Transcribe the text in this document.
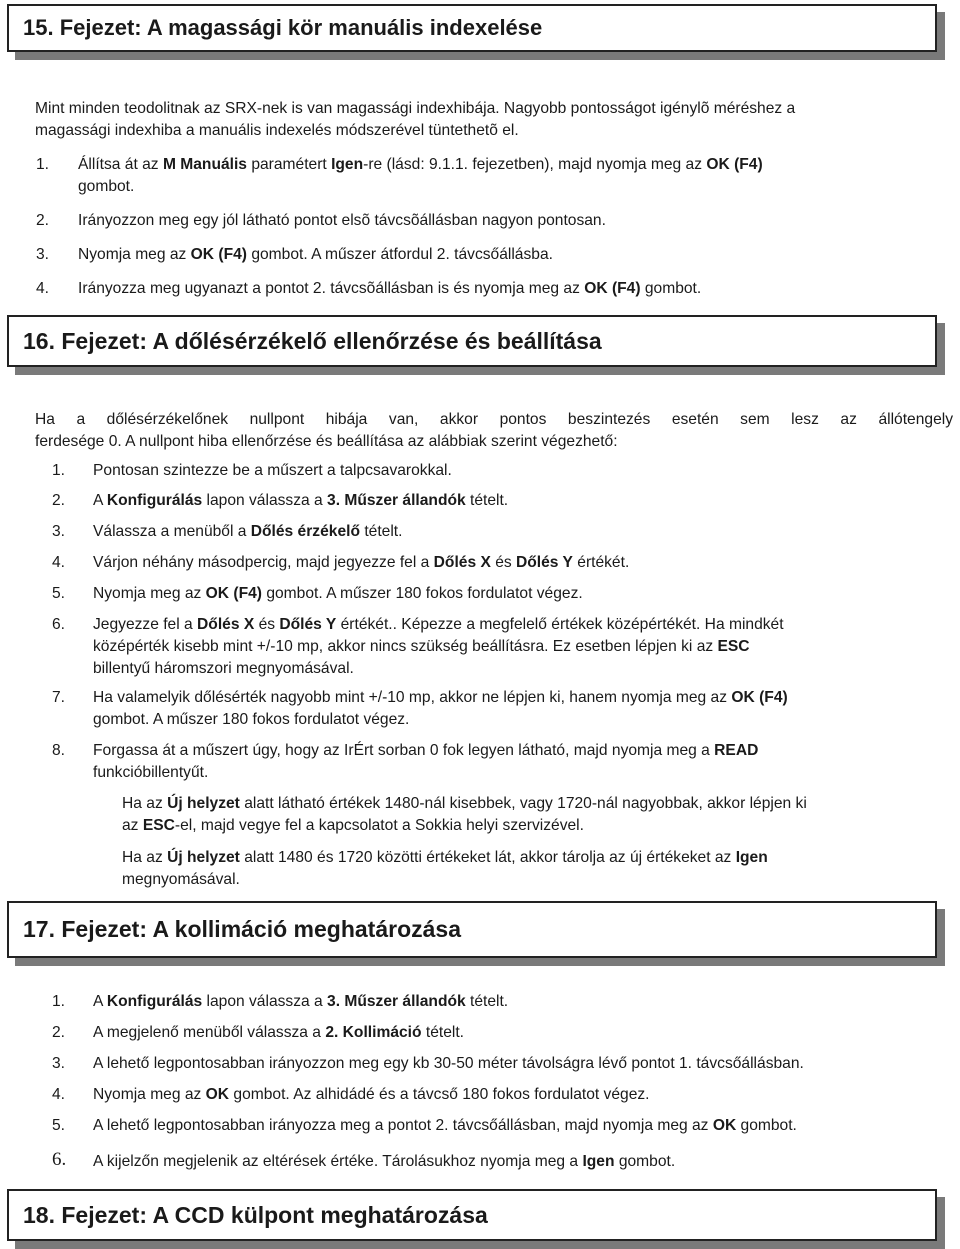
15. Fejezet: A magassági kör manuális indexelése
Mint minden teodolitnak az SRX-nek is van magassági indexhibája. Nagyobb pontosságot igénylõ méréshez a
magassági indexhiba a manuális indexelés módszerével tüntethetõ el.
1. Állítsa át az M Manuális paramétert Igen-re (lásd: 9.1.1. fejezetben), majd nyomja meg az OK (F4)
gombot.
2. Irányozzon meg egy jól látható pontot elsõ távcsõállásban nagyon pontosan.
3. Nyomja meg az OK (F4) gombot. A műszer átfordul 2. távcsőállásba.
4. Irányozza meg ugyanazt a pontot 2. távcsõállásban is és nyomja meg az OK (F4) gombot.
16. Fejezet: A dőlésérzékelő ellenőrzése és beállítása
Ha a dőlésérzékelőnek nullpont hibája van, akkor pontos beszintezés esetén sem lesz az állótengely
ferdesége 0. A nullpont hiba ellenőrzése és beállítása az alábbiak szerint végezhető:
1. Pontosan szintezze be a műszert a talpcsavarokkal.
2. A Konfigurálás lapon válassza a 3. Műszer állandók tételt.
3. Válassza a menüből a Dőlés érzékelő tételt.
4. Várjon néhány másodpercig, majd jegyezze fel a Dőlés X és Dőlés Y értékét.
5. Nyomja meg az OK (F4) gombot. A műszer 180 fokos fordulatot végez.
6. Jegyezze fel a Dőlés X és Dőlés Y értékét.. Képezze a megfelelő értékek középértékét. Ha mindkét
középérték kisebb mint +/-10 mp, akkor nincs szükség beállításra. Ez esetben lépjen ki az ESC
billentyű háromszori megnyomásával.
7. Ha valamelyik dőlésérték nagyobb mint +/-10 mp, akkor ne lépjen ki, hanem nyomja meg az OK (F4)
gombot. A műszer 180 fokos fordulatot végez.
8. Forgassa át a műszert úgy, hogy az IrÉrt sorban 0 fok legyen látható, majd nyomja meg a READ
funkcióbillentyűt.
Ha az Új helyzet alatt látható értékek 1480-nál kisebbek, vagy 1720-nál nagyobbak, akkor lépjen ki
az ESC-el, majd vegye fel a kapcsolatot a Sokkia helyi szervizével.
Ha az Új helyzet alatt 1480 és 1720 közötti értékeket lát, akkor tárolja az új értékeket az Igen
megnyomásával.
17. Fejezet: A kollimáció meghatározása
1. A Konfigurálás lapon válassza a 3. Műszer állandók tételt.
2. A megjelenő menüből válassza a 2. Kollimáció tételt.
3. A lehető legpontosabban irányozzon meg egy kb 30-50 méter távolságra lévő pontot 1. távcsőállásban.
4. Nyomja meg az OK gombot. Az alhidádé és a távcső 180 fokos fordulatot végez.
5. A lehető legpontosabban irányozza meg a pontot 2. távcsőállásban, majd nyomja meg az OK gombot.
6. A kijelzőn megjelenik az eltérések értéke. Tárolásukhoz nyomja meg a Igen gombot.
18. Fejezet: A CCD külpont meghatározása
